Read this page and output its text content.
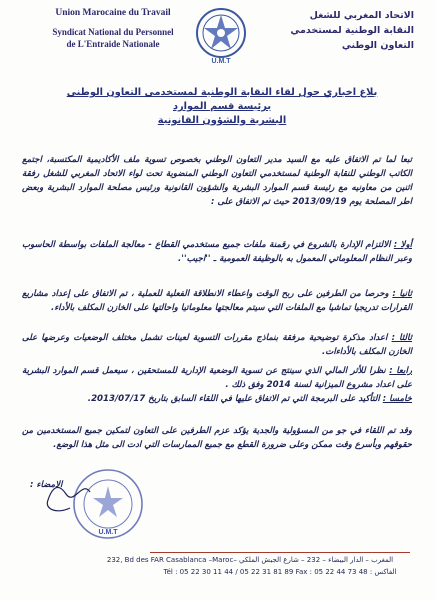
Union Marocaine du Travail
Syndicat National du Personnel
de L'Entraide Nationale
U.M.T
الاتحاد المغربي للشغل
النقابة الوطنية لمستخدمي
التعاون الوطني
بلاغ اخباري حول لقاء النقابة الوطنية لمستخدمي التعاون الوطني برئيسة قسم الموارد
البشرية والشؤون القانونية
تبعا لما تم الاتفاق عليه مع السيد مدير التعاون الوطني بخصوص تسوية ملف الأكاديمية المكتسبة، اجتمع الكاتب الوطني للنقابة الوطنية لمستخدمي التعاون الوطني المنضوية تحت لواء الاتحاد المغربي للشغل رفقة اثنين من معاونيه مع رئيسة قسم الموارد البشرية والشؤون القانونية ورئيس مصلحة الموارد البشرية وبعض اطر المصلحة يوم 2013/09/19 حيث تم الاتفاق على :
أولا : الالتزام الإدارة بالشروع في رقمنة ملفات جميع مستخدمي القطاع - معالجة الملفات بواسطة الحاسوب وعبر النظام المعلوماتي المعمول به بالوظيفة العمومية ـ ''اجيب''.
ثانيا : وحرصا من الطرفين على ربح الوقت واعطاء الانطلاقة الفعلية للعملية ، تم الاتفاق على إعداد مشاريع القرارات تدريجيا تماشيا مع الملفات التي سيتم معالجتها معلوماتيا واحالتها على الخازن المكلف بالأداء.
ثالثا : اعداد مذكرة توضيحية مرفقة بنماذج مقررات التسوية لعينات تشمل مختلف الوضعيات وعرضها على الخازن المكلف بالأداءات.
رابعا : نظرا للأثر المالي الذي سينتج عن تسوية الوضعية الإدارية للمستحقين ، سيعمل قسم الموارد البشرية على اعداد مشروع الميزانية لسنة 2014 وفق ذلك .
خامسا : التأكيد على البرمجة التي تم الاتفاق عليها في اللقاء السابق بتاريخ 2013/07/17.
وقد تم اللقاء في جو من المسؤولية والجدية يؤكد عزم الطرفين على التعاون لتمكين جميع المستخدمين من حقوقهم وبأسرع وقت ممكن وعلى ضرورة القطع مع جميع الممارسات التي ادت الى مثل هذا الوضع.
U.M.T
الامضاء :
232, Bd des FAR Casablanca –Maroc– المغرب – الدار البيضاء – 232 – شارع الجيش الملكي
Tél : 05 22 30 11 44 / 05 22 31 81 89 Fax : 05 22 44 73 48 : الفاكس
